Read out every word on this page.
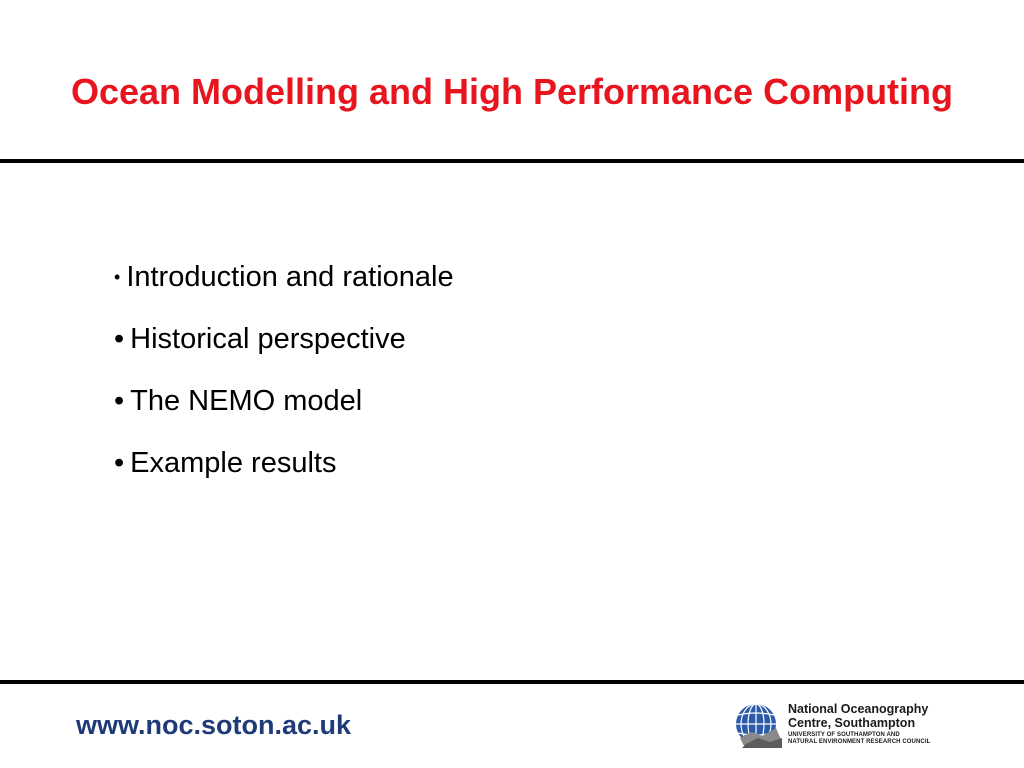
Ocean Modelling and High Performance Computing
• Introduction and rationale
• Historical perspective
• The NEMO model
• Example results
www.noc.soton.ac.uk
National Oceanography
Centre, Southampton
UNIVERSITY OF SOUTHAMPTON AND
NATURAL ENVIRONMENT RESEARCH COUNCIL
